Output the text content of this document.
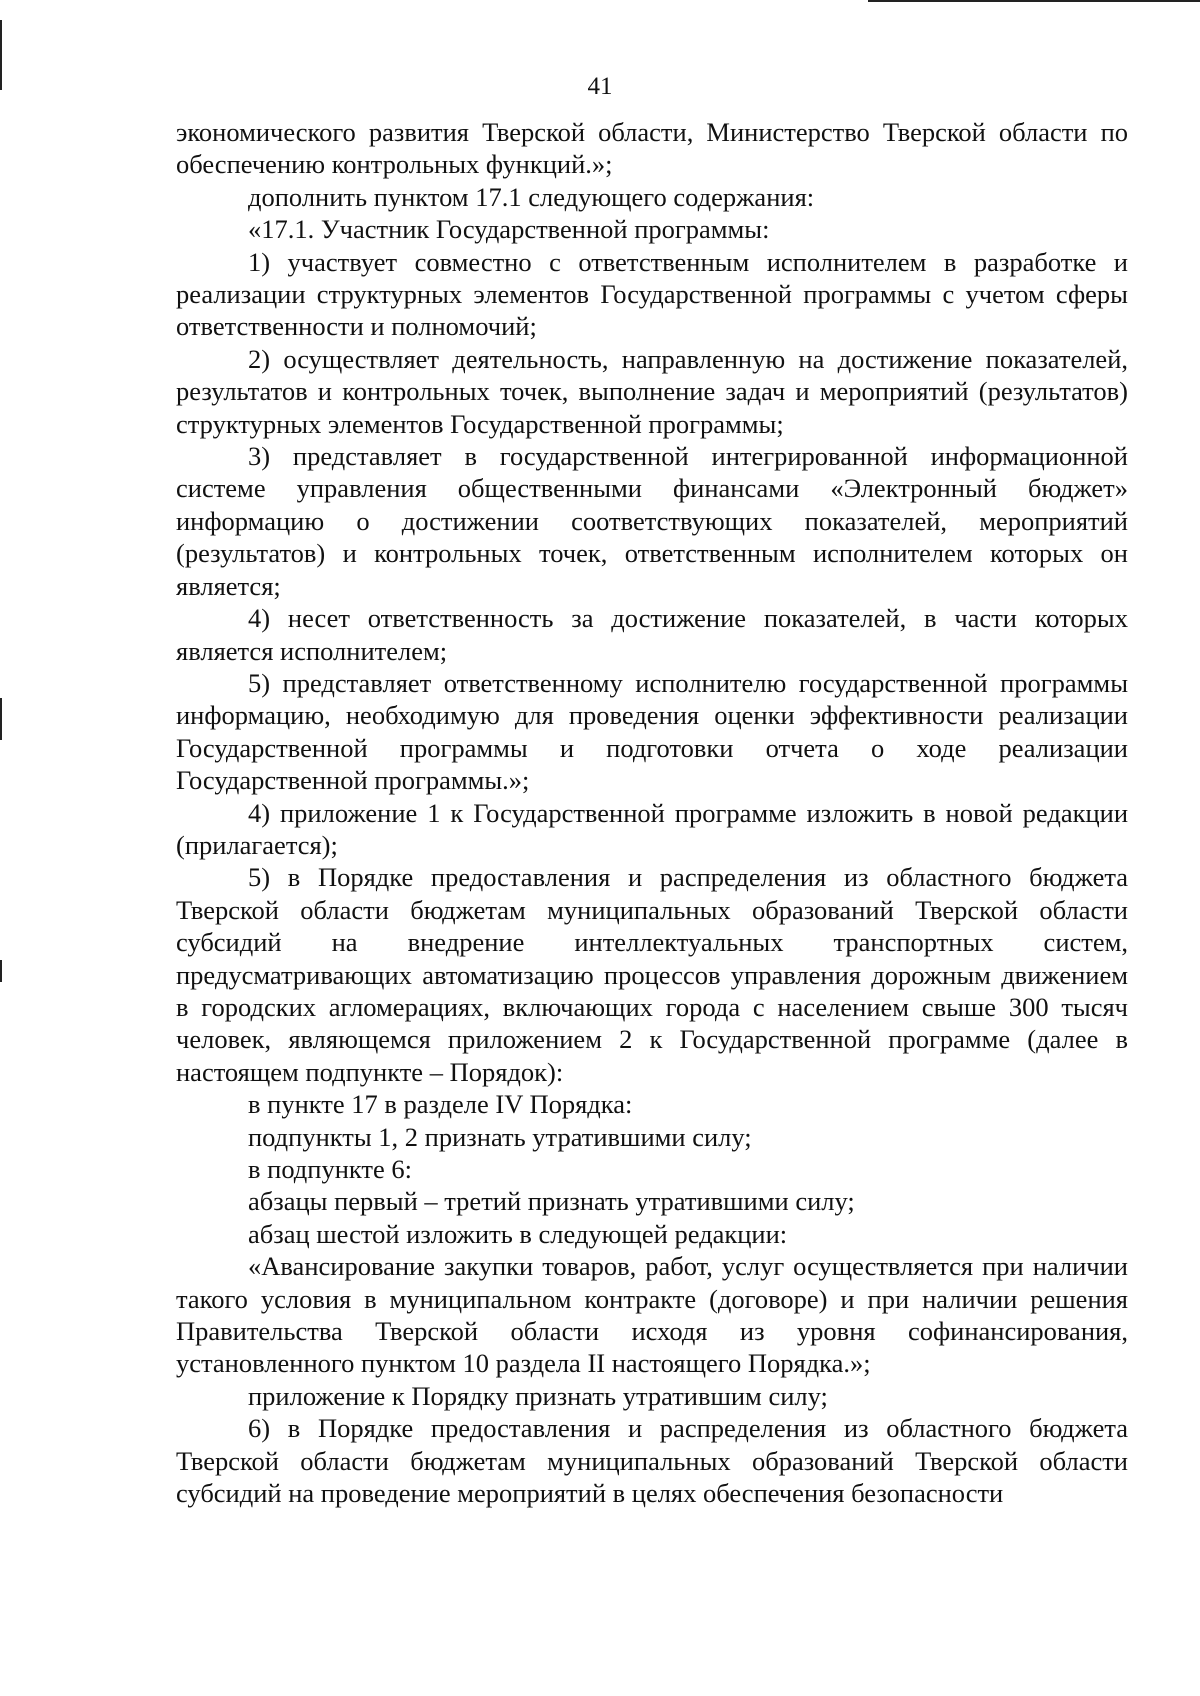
41

экономического развития Тверской области, Министерство Тверской области по обеспечению контрольных функций.»;

дополнить пунктом 17.1 следующего содержания:

«17.1. Участник Государственной программы:

1) участвует совместно с ответственным исполнителем в разработке и реализации структурных элементов Государственной программы с учетом сферы ответственности и полномочий;

2) осуществляет деятельность, направленную на достижение показателей, результатов и контрольных точек, выполнение задач и мероприятий (результатов) структурных элементов Государственной программы;

3) представляет в государственной интегрированной информационной системе управления общественными финансами «Электронный бюджет» информацию о достижении соответствующих показателей, мероприятий (результатов) и контрольных точек, ответственным исполнителем которых он является;

4) несет ответственность за достижение показателей, в части которых является исполнителем;

5) представляет ответственному исполнителю государственной программы информацию, необходимую для проведения оценки эффективности реализации Государственной программы и подготовки отчета о ходе реализации Государственной программы.»;

4) приложение 1 к Государственной программе изложить в новой редакции (прилагается);

5) в Порядке предоставления и распределения из областного бюджета Тверской области бюджетам муниципальных образований Тверской области субсидий на внедрение интеллектуальных транспортных систем, предусматривающих автоматизацию процессов управления дорожным движением в городских агломерациях, включающих города с населением свыше 300 тысяч человек, являющемся приложением 2 к Государственной программе (далее в настоящем подпункте – Порядок):

в пункте 17 в разделе IV Порядка:

подпункты 1, 2 признать утратившими силу;

в подпункте 6:

абзацы первый – третий признать утратившими силу;

абзац шестой изложить в следующей редакции:

«Авансирование закупки товаров, работ, услуг осуществляется при наличии такого условия в муниципальном контракте (договоре) и при наличии решения Правительства Тверской области исходя из уровня софинансирования, установленного пунктом 10 раздела II настоящего Порядка.»;

приложение к Порядку признать утратившим силу;

6) в Порядке предоставления и распределения из областного бюджета Тверской области бюджетам муниципальных образований Тверской области субсидий на проведение мероприятий в целях обеспечения безопасности
